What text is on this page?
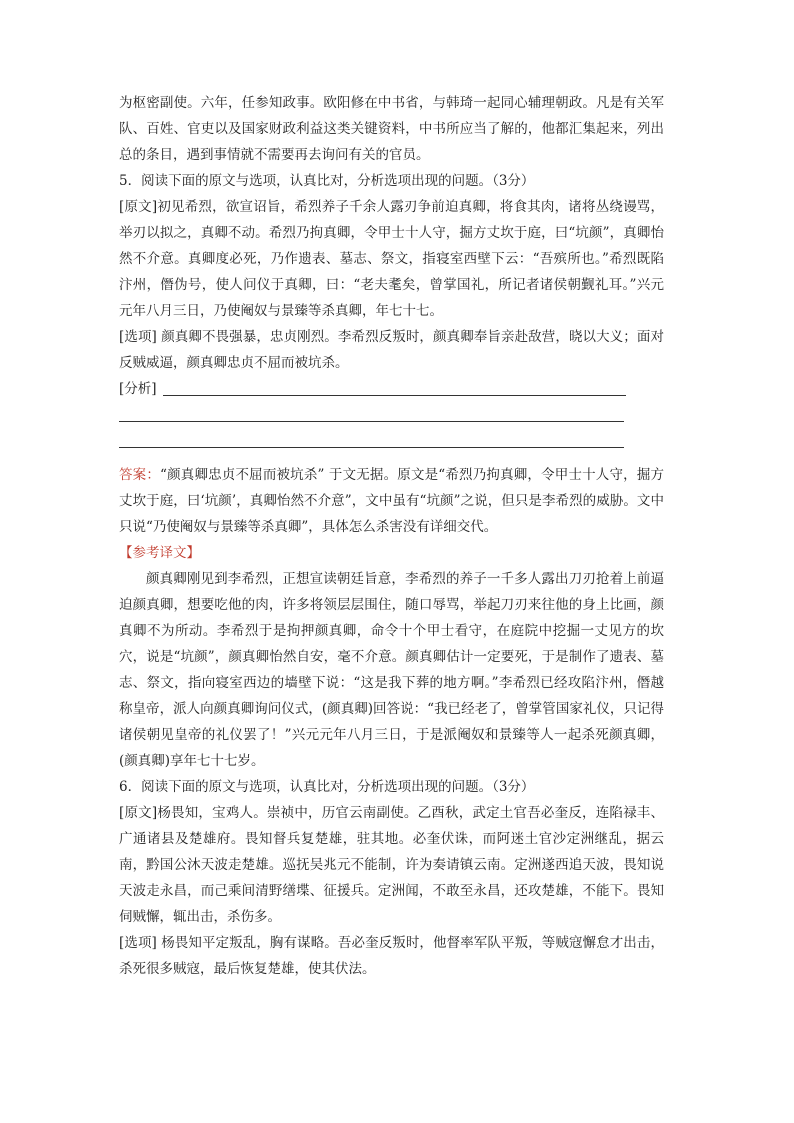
为枢密副使。六年，任参知政事。欧阳修在中书省，与韩琦一起同心辅理朝政。凡是有关军队、百姓、官吏以及国家财政利益这类关键资料，中书所应当了解的，他都汇集起来，列出总的条目，遇到事情就不需要再去询问有关的官员。

5．阅读下面的原文与选项，认真比对，分析选项出现的问题。（3分）

[原文]初见希烈，欲宣诏旨，希烈养子千余人露刃争前迫真卿，将食其肉，诸将丛绕谩骂，举刃以拟之，真卿不动。希烈乃拘真卿，令甲士十人守，掘方丈坎于庭，曰“坑颜”，真卿怡然不介意。真卿度必死，乃作遗表、墓志、祭文，指寝室西壁下云：“吾殡所也。”希烈既陷汴州，僭伪号，使人问仪于真卿，曰：“老夫耄矣，曾掌国礼，所记者诸侯朝觐礼耳。”兴元元年八月三日，乃使阉奴与景臻等杀真卿，年七十七。

[选项] 颜真卿不畏强暴，忠贞刚烈。李希烈反叛时，颜真卿奉旨亲赴敌营，晓以大义；面对反贼威逼，颜真卿忠贞不屈而被坑杀。

[分析]

答案：“颜真卿忠贞不屈而被坑杀” 于文无据。原文是“希烈乃拘真卿，令甲士十人守，掘方丈坎于庭，曰‘坑颜’，真卿怡然不介意”，文中虽有“坑颜”之说，但只是李希烈的威胁。文中只说“乃使阉奴与景臻等杀真卿”，具体怎么杀害没有详细交代。

【参考译文】

颜真卿刚见到李希烈，正想宣读朝廷旨意，李希烈的养子一千多人露出刀刃抢着上前逼迫颜真卿，想要吃他的肉，许多将领层层围住，随口辱骂，举起刀刃来往他的身上比画，颜真卿不为所动。李希烈于是拘押颜真卿，命令十个甲士看守，在庭院中挖掘一丈见方的坎穴，说是“坑颜”，颜真卿怡然自安，毫不介意。颜真卿估计一定要死，于是制作了遗表、墓志、祭文，指向寝室西边的墙壁下说：“这是我下葬的地方啊。”李希烈已经攻陷汴州，僭越称皇帝，派人向颜真卿询问仪式，(颜真卿)回答说：“我已经老了，曾掌管国家礼仪，只记得诸侯朝见皇帝的礼仪罢了！”兴元元年八月三日，于是派阉奴和景臻等人一起杀死颜真卿，(颜真卿)享年七十七岁。

6．阅读下面的原文与选项，认真比对，分析选项出现的问题。（3分）

[原文]杨畏知，宝鸡人。崇祯中，历官云南副使。乙酉秋，武定土官吾必奎反，连陷禄丰、广通诸县及楚雄府。畏知督兵复楚雄，驻其地。必奎伏诛，而阿迷土官沙定洲继乱，据云南，黔国公沐天波走楚雄。巡抚吴兆元不能制，许为奏请镇云南。定洲遂西追天波，畏知说天波走永昌，而己乘间清野缮堞、征援兵。定洲闻，不敢至永昌，还攻楚雄，不能下。畏知伺贼懈，辄出击，杀伤多。

[选项] 杨畏知平定叛乱，胸有谋略。吾必奎反叛时，他督率军队平叛，等贼寇懈怠才出击，杀死很多贼寇，最后恢复楚雄，使其伏法。
